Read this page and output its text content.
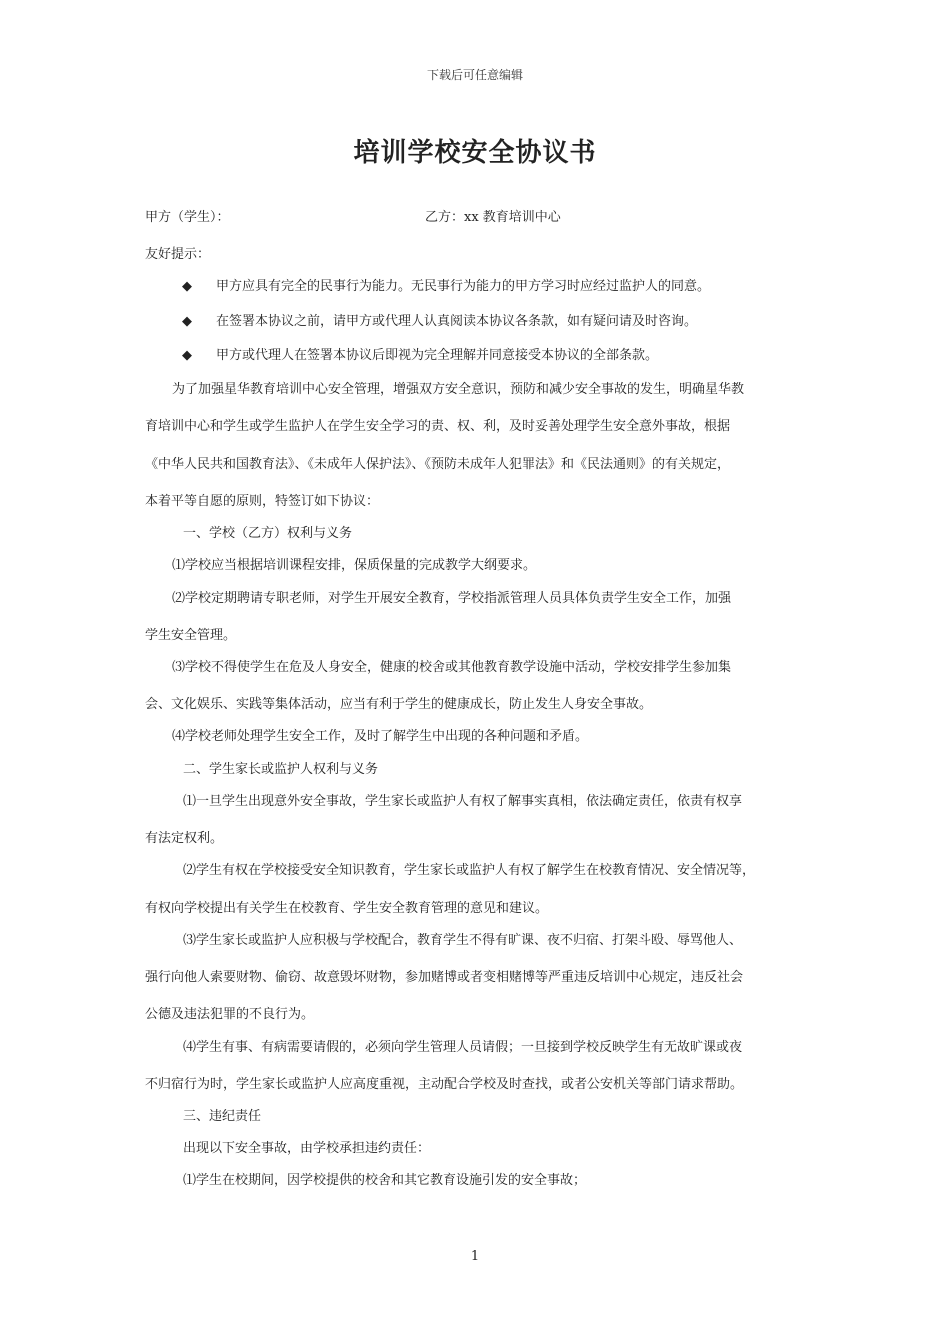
下载后可任意编辑
培训学校安全协议书
甲方（学生）：	乙方：xx 教育培训中心
友好提示：
◆ 甲方应具有完全的民事行为能力。无民事行为能力的甲方学习时应经过监护人的同意。
◆ 在签署本协议之前，请甲方或代理人认真阅读本协议各条款，如有疑问请及时咨询。
◆ 甲方或代理人在签署本协议后即视为完全理解并同意接受本协议的全部条款。
为了加强星华教育培训中心安全管理，增强双方安全意识，预防和减少安全事故的发生，明确星华教
育培训中心和学生或学生监护人在学生安全学习的责、权、利，及时妥善处理学生安全意外事故，根据
《中华人民共和国教育法》、《未成年人保护法》、《预防未成年人犯罪法》和《民法通则》的有关规定，
本着平等自愿的原则，特签订如下协议：
一、学校（乙方）权利与义务
⑴学校应当根据培训课程安排，保质保量的完成教学大纲要求。
⑵学校定期聘请专职老师，对学生开展安全教育，学校指派管理人员具体负责学生安全工作，加强
学生安全管理。
⑶学校不得使学生在危及人身安全，健康的校舍或其他教育教学设施中活动，学校安排学生参加集
会、文化娱乐、实践等集体活动，应当有利于学生的健康成长，防止发生人身安全事故。
⑷学校老师处理学生安全工作，及时了解学生中出现的各种问题和矛盾。
二、学生家长或监护人权利与义务
⑴一旦学生出现意外安全事故，学生家长或监护人有权了解事实真相，依法确定责任，依责有权享
有法定权利。
⑵学生有权在学校接受安全知识教育，学生家长或监护人有权了解学生在校教育情况、安全情况等，
有权向学校提出有关学生在校教育、学生安全教育管理的意见和建议。
⑶学生家长或监护人应积极与学校配合，教育学生不得有旷课、夜不归宿、打架斗殴、辱骂他人、
强行向他人索要财物、偷窃、故意毁坏财物，参加赌博或者变相赌博等严重违反培训中心规定，违反社会
公德及违法犯罪的不良行为。
⑷学生有事、有病需要请假的，必须向学生管理人员请假；一旦接到学校反映学生有无故旷课或夜
不归宿行为时，学生家长或监护人应高度重视，主动配合学校及时查找，或者公安机关等部门请求帮助。
三、违纪责任
出现以下安全事故，由学校承担违约责任：
⑴学生在校期间，因学校提供的校舍和其它教育设施引发的安全事故；
1
